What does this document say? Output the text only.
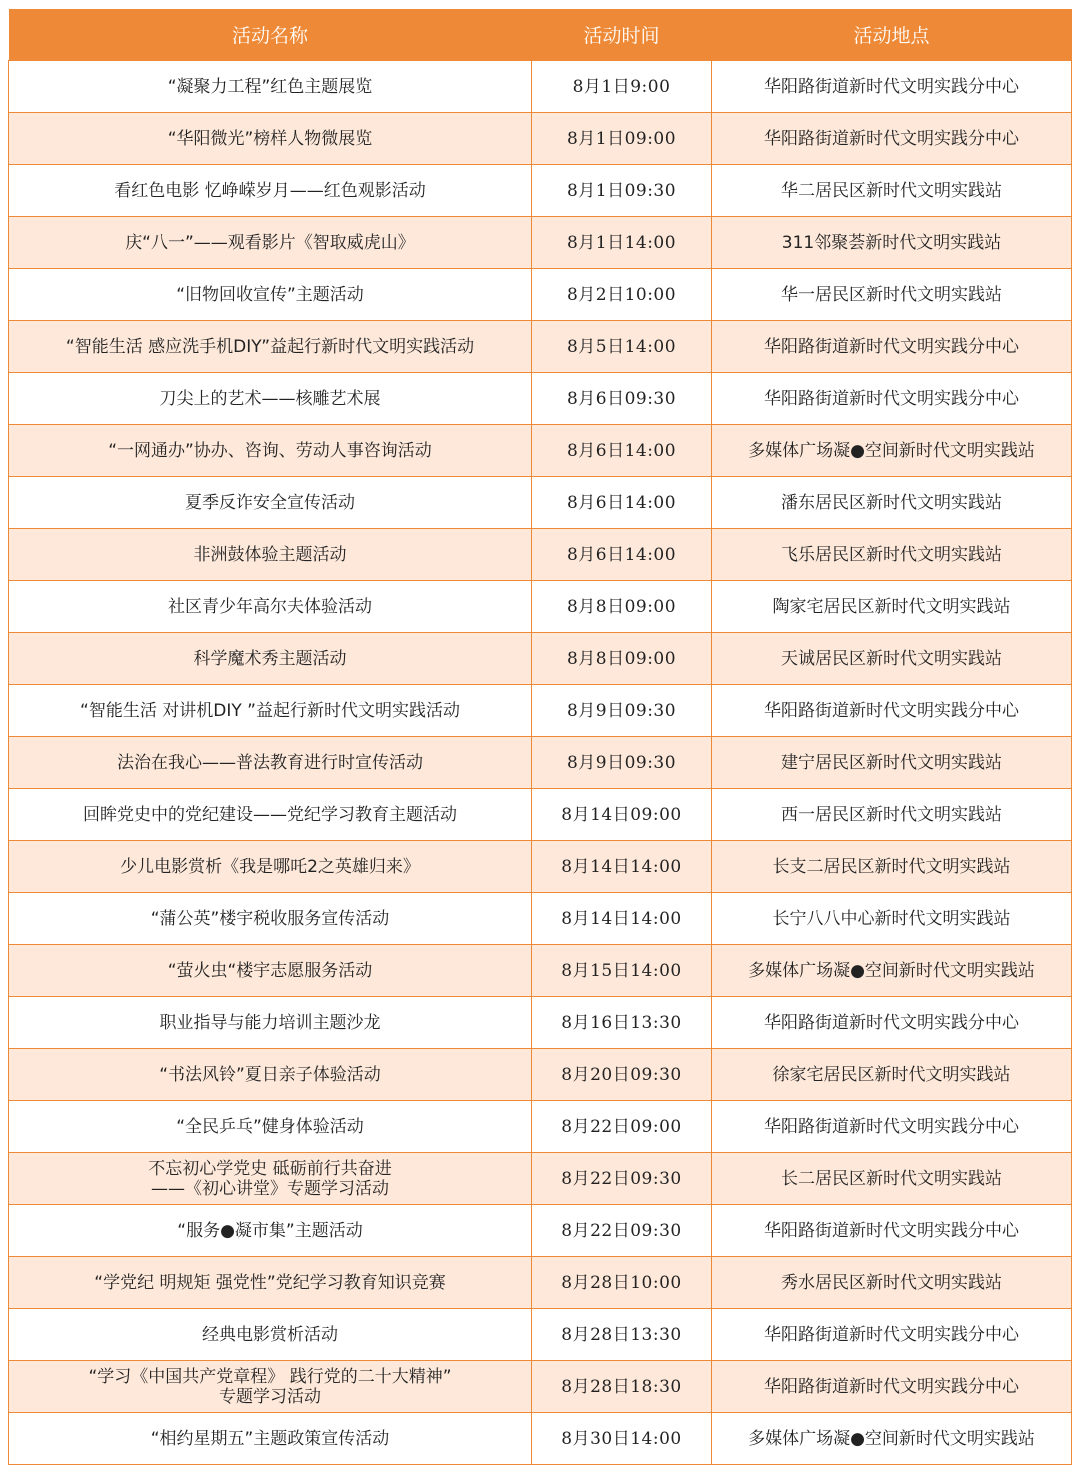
活动名称	活动时间	活动地点

“凝聚力工程”红色主题展览	8月1日9:00	华阳路街道新时代文明实践分中心

“华阳微光”榜样人物微展览	8月1日09:00	华阳路街道新时代文明实践分中心

看红色电影 忆峥嵘岁月——红色观影活动	8月1日09:30	华二居民区新时代文明实践站

庆“八一”——观看影片《智取威虎山》	8月1日14:00	311邻聚荟新时代文明实践站

“旧物回收宣传”主题活动	8月2日10:00	华一居民区新时代文明实践站

“智能生活 感应洗手机DIY”益起行新时代文明实践活动	8月5日14:00	华阳路街道新时代文明实践分中心

刀尖上的艺术——核雕艺术展	8月6日09:30	华阳路街道新时代文明实践分中心

“一网通办”协办、咨询、劳动人事咨询活动	8月6日14:00	多媒体广场凝●空间新时代文明实践站

夏季反诈安全宣传活动	8月6日14:00	潘东居民区新时代文明实践站

非洲鼓体验主题活动	8月6日14:00	飞乐居民区新时代文明实践站

社区青少年高尔夫体验活动	8月8日09:00	陶家宅居民区新时代文明实践站

科学魔术秀主题活动	8月8日09:00	天诚居民区新时代文明实践站

“智能生活 对讲机DIY ”益起行新时代文明实践活动	8月9日09:30	华阳路街道新时代文明实践分中心

法治在我心——普法教育进行时宣传活动	8月9日09:30	建宁居民区新时代文明实践站

回眸党史中的党纪建设——党纪学习教育主题活动	8月14日09:00	西一居民区新时代文明实践站

少儿电影赏析《我是哪吒2之英雄归来》	8月14日14:00	长支二居民区新时代文明实践站

“蒲公英”楼宇税收服务宣传活动	8月14日14:00	长宁八八中心新时代文明实践站

“萤火虫“楼宇志愿服务活动	8月15日14:00	多媒体广场凝●空间新时代文明实践站

职业指导与能力培训主题沙龙	8月16日13:30	华阳路街道新时代文明实践分中心

“书法风铃”夏日亲子体验活动	8月20日09:30	徐家宅居民区新时代文明实践站

“全民乒乓”健身体验活动	8月22日09:00	华阳路街道新时代文明实践分中心

不忘初心学党史 砥砺前行共奋进
——《初心讲堂》专题学习活动	8月22日09:30	长二居民区新时代文明实践站

“服务●凝市集”主题活动	8月22日09:30	华阳路街道新时代文明实践分中心

“学党纪 明规矩 强党性”党纪学习教育知识竞赛	8月28日10:00	秀水居民区新时代文明实践站

经典电影赏析活动	8月28日13:30	华阳路街道新时代文明实践分中心

“学习《中国共产党章程》 践行党的二十大精神”
专题学习活动	8月28日18:30	华阳路街道新时代文明实践分中心

“相约星期五”主题政策宣传活动	8月30日14:00	多媒体广场凝●空间新时代文明实践站
